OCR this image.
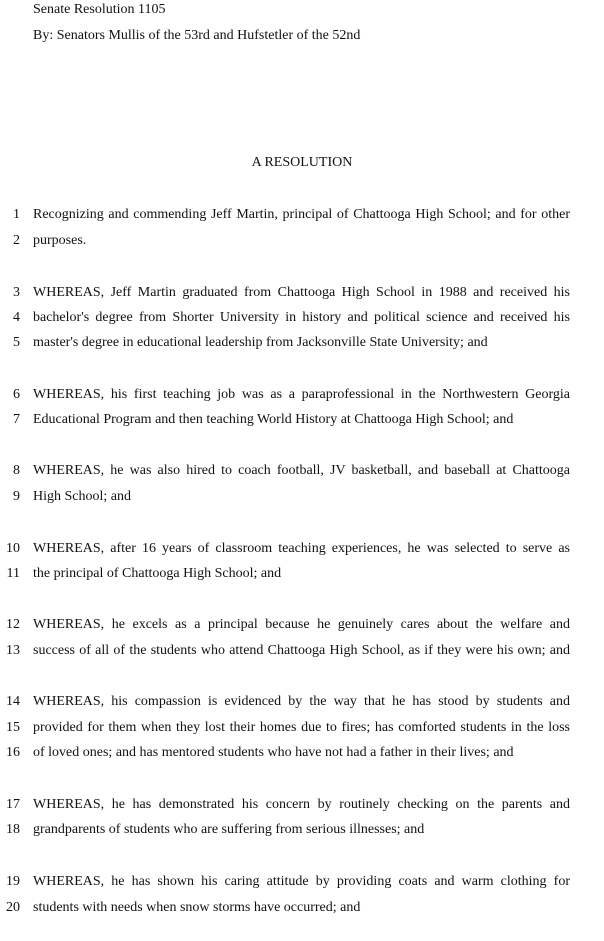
Senate Resolution 1105
By: Senators Mullis of the 53rd and Hufstetler of the 52nd
A RESOLUTION
1 Recognizing and commending Jeff Martin, principal of Chattooga High School; and for other
2 purposes.
3 WHEREAS, Jeff Martin graduated from Chattooga High School in 1988 and received his
4 bachelor's degree from Shorter University in history and political science and received his
5 master's degree in educational leadership from Jacksonville State University; and
6 WHEREAS, his first teaching job was as a paraprofessional in the Northwestern Georgia
7 Educational Program and then teaching World History at Chattooga High School; and
8 WHEREAS, he was also hired to coach football, JV basketball, and baseball at Chattooga
9 High School; and
10 WHEREAS, after 16 years of classroom teaching experiences, he was selected to serve as
11 the principal of Chattooga High School; and
12 WHEREAS, he excels as a principal because he genuinely cares about the welfare and
13 success of all of the students who attend Chattooga High School, as if they were his own; and
14 WHEREAS, his compassion is evidenced by the way that he has stood by students and
15 provided for them when they lost their homes due to fires; has comforted students in the loss
16 of loved ones; and has mentored students who have not had a father in their lives; and
17 WHEREAS, he has demonstrated his concern by routinely checking on the parents and
18 grandparents of students who are suffering from serious illnesses; and
19 WHEREAS, he has shown his caring attitude by providing coats and warm clothing for
20 students with needs when snow storms have occurred; and
